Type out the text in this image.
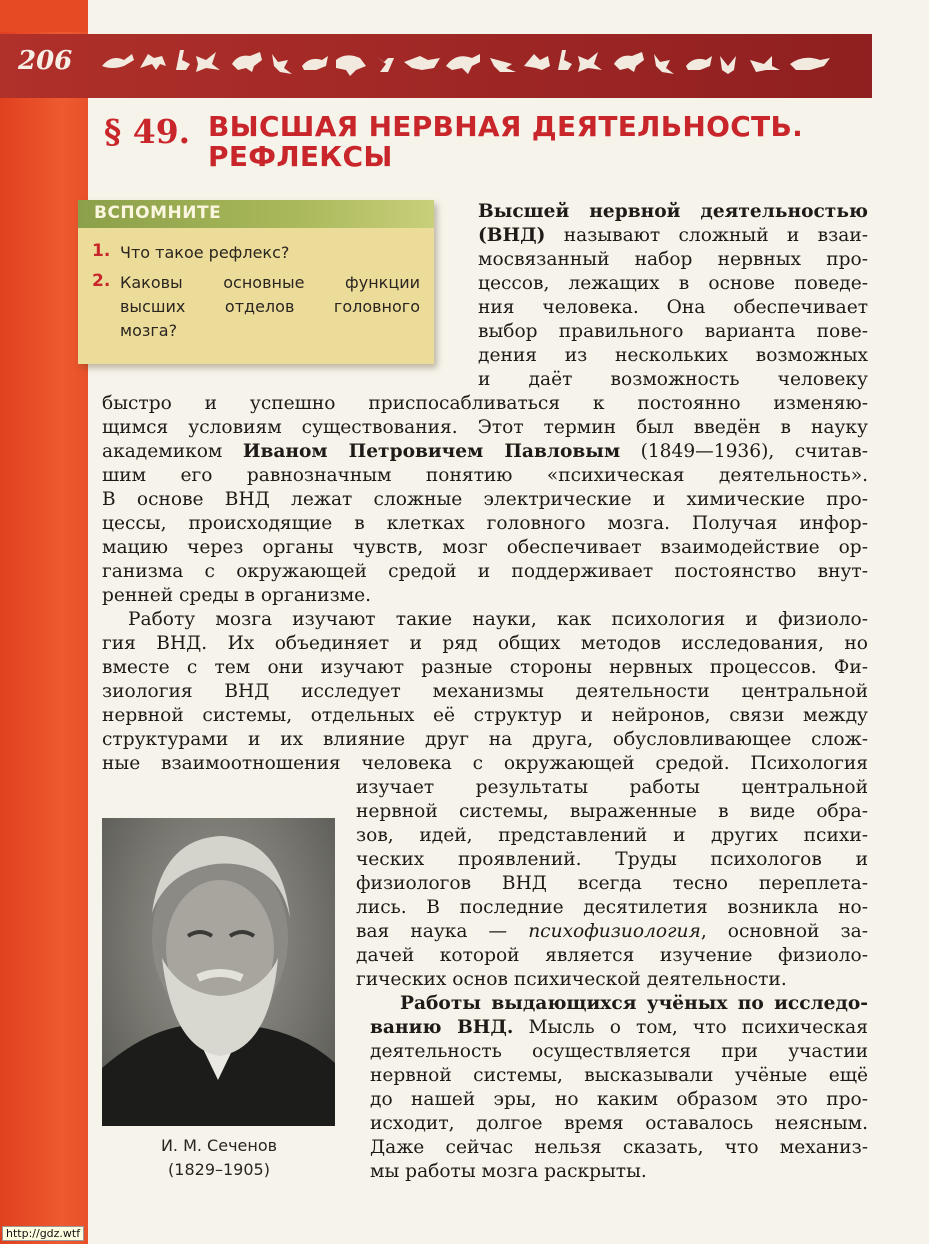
206
§ 49. ВЫСШАЯ НЕРВНАЯ ДЕЯТЕЛЬНОСТЬ.
РЕФЛЕКСЫ
ВСПОМНИТЕ
1. Что такое рефлекс?
2. Каковы основные функции
высших отделов головного
мозга?
Высшей нервной деятельностью
(ВНД) называют сложный и взаи-
мосвязанный набор нервных про-
цессов, лежащих в основе поведе-
ния человека. Она обеспечивает
выбор правильного варианта пове-
дения из нескольких возможных
и даёт возможность человеку
быстро и успешно приспосабливаться к постоянно изменяю-
щимся условиям существования. Этот термин был введён в науку
академиком Иваном Петровичем Павловым (1849—1936), считав-
шим его равнозначным понятию «психическая деятельность».
В основе ВНД лежат сложные электрические и химические про-
цессы, происходящие в клетках головного мозга. Получая инфор-
мацию через органы чувств, мозг обеспечивает взаимодействие ор-
ганизма с окружающей средой и поддерживает постоянство внут-
ренней среды в организме.
Работу мозга изучают такие науки, как психология и физиоло-
гия ВНД. Их объединяет и ряд общих методов исследования, но
вместе с тем они изучают разные стороны нервных процессов. Фи-
зиология ВНД исследует механизмы деятельности центральной
нервной системы, отдельных её структур и нейронов, связи между
структурами и их влияние друг на друга, обусловливающее слож-
ные взаимоотношения человека с окружающей средой. Психология
изучает результаты работы центральной
нервной системы, выраженные в виде обра-
зов, идей, представлений и других психи-
ческих проявлений. Труды психологов и
физиологов ВНД всегда тесно переплета-
лись. В последние десятилетия возникла но-
вая наука — психофизиология, основной за-
дачей которой является изучение физиоло-
гических основ психической деятельности.
Работы выдающихся учёных по исследо-
ванию ВНД. Мысль о том, что психическая
деятельность осуществляется при участии
нервной системы, высказывали учёные ещё
до нашей эры, но каким образом это про-
исходит, долгое время оставалось неясным.
Даже сейчас нельзя сказать, что механиз-
мы работы мозга раскрыты.
И. М. Сеченов
(1829–1905)
http://gdz.wtf
